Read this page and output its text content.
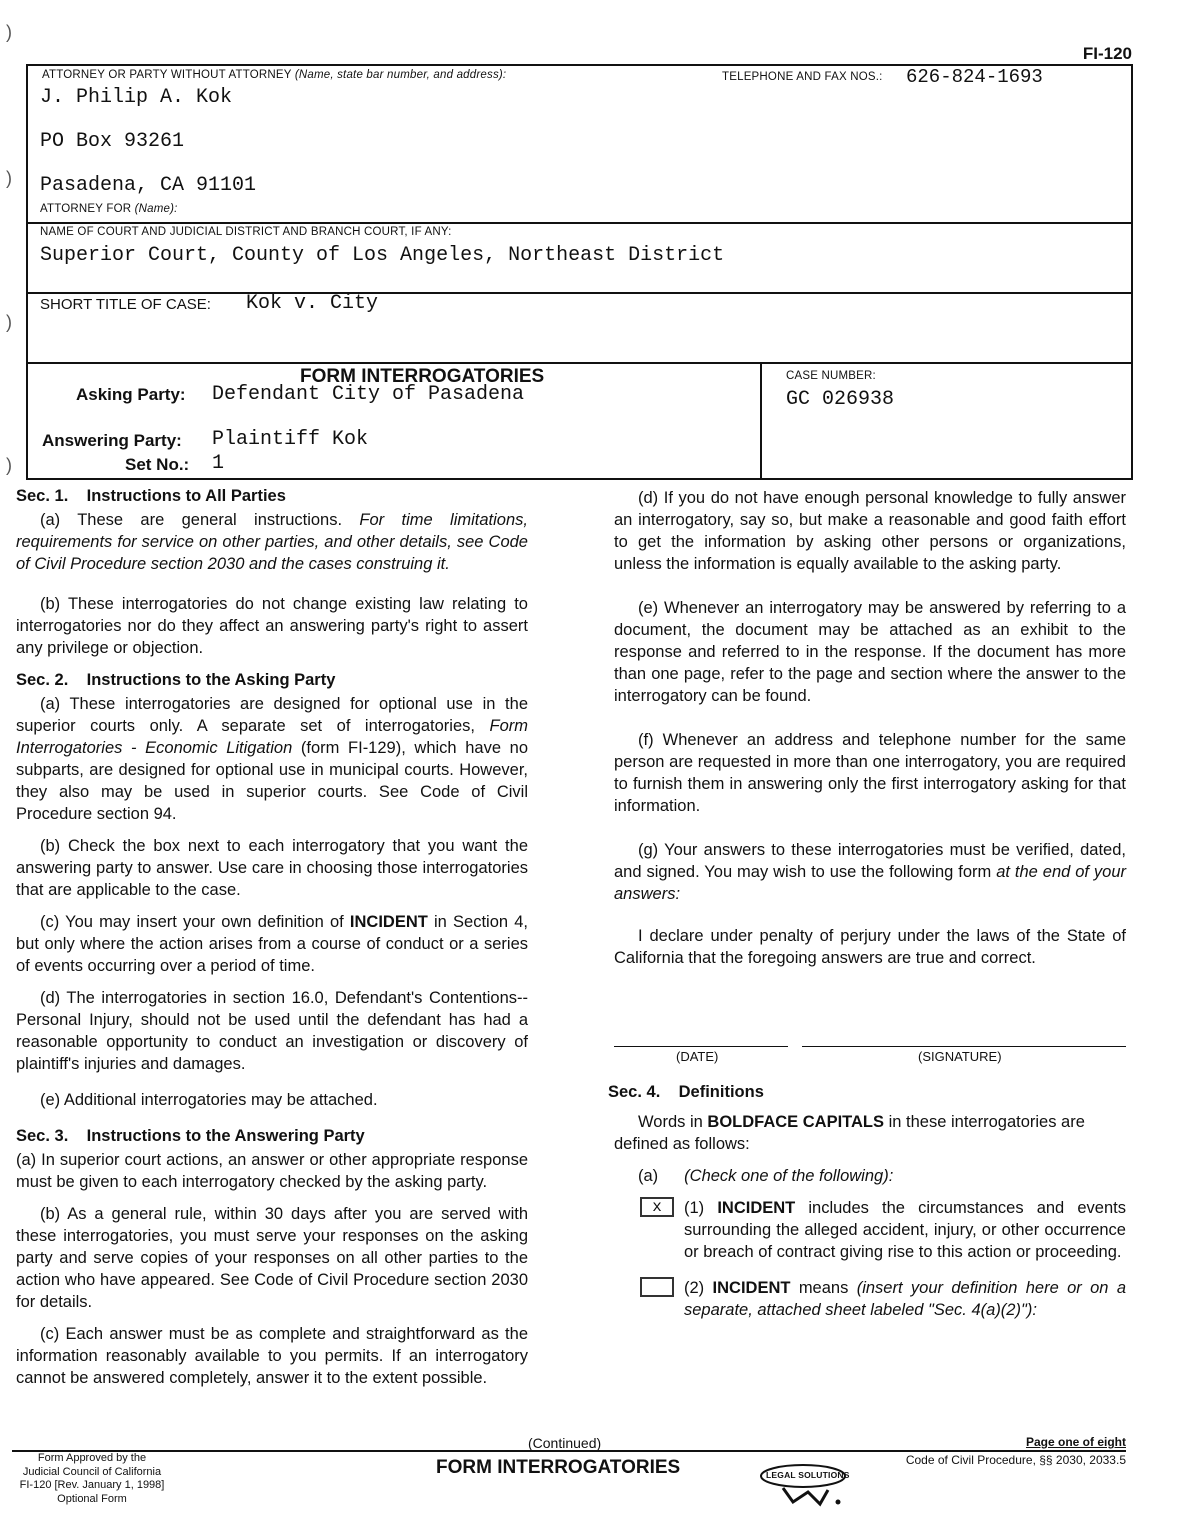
)
)
)
)
FI-120
ATTORNEY OR PARTY WITHOUT ATTORNEY (Name, state bar number, and address):	TELEPHONE AND FAX NOS.: 626-824-1693
J. Philip A. Kok
PO Box 93261
Pasadena, CA 91101
ATTORNEY FOR (Name):
NAME OF COURT AND JUDICIAL DISTRICT AND BRANCH COURT, IF ANY:
Superior Court, County of Los Angeles, Northeast District
SHORT TITLE OF CASE: Kok v. City
FORM INTERROGATORIES
Asking Party: Defendant City of Pasadena
Answering Party: Plaintiff Kok
Set No.: 1
CASE NUMBER:
GC 026938

Sec. 1.    Instructions to All Parties

(a) These are general instructions. For time limitations, requirements for service on other parties, and other details, see Code of Civil Procedure section 2030 and the cases construing it.

(b) These interrogatories do not change existing law relating to interrogatories nor do they affect an answering party's right to assert any privilege or objection.

Sec. 2.    Instructions to the Asking Party

(a) These interrogatories are designed for optional use in the superior courts only. A separate set of interrogatories, Form Interrogatories - Economic Litigation (form FI-129), which have no subparts, are designed for optional use in municipal courts. However, they also may be used in superior courts. See Code of Civil Procedure section 94.

(b) Check the box next to each interrogatory that you want the answering party to answer. Use care in choosing those interrogatories that are applicable to the case.

(c) You may insert your own definition of INCIDENT in Section 4, but only where the action arises from a course of conduct or a series of events occurring over a period of time.

(d) The interrogatories in section 16.0, Defendant's Contentions--Personal Injury, should not be used until the defendant has had a reasonable opportunity to conduct an investigation or discovery of plaintiff's injuries and damages.

(e) Additional interrogatories may be attached.

Sec. 3.    Instructions to the Answering Party

(a) In superior court actions, an answer or other appropriate response must be given to each interrogatory checked by the asking party.

(b) As a general rule, within 30 days after you are served with these interrogatories, you must serve your responses on the asking party and serve copies of your responses on all other parties to the action who have appeared. See Code of Civil Procedure section 2030 for details.

(c) Each answer must be as complete and straightforward as the information reasonably available to you permits. If an interrogatory cannot be answered completely, answer it to the extent possible.

(d) If you do not have enough personal knowledge to fully answer an interrogatory, say so, but make a reasonable and good faith effort to get the information by asking other persons or organizations, unless the information is equally available to the asking party.

(e) Whenever an interrogatory may be answered by referring to a document, the document may be attached as an exhibit to the response and referred to in the response. If the document has more than one page, refer to the page and section where the answer to the interrogatory can be found.

(f) Whenever an address and telephone number for the same person are requested in more than one interrogatory, you are required to furnish them in answering only the first interrogatory asking for that information.

(g) Your answers to these interrogatories must be verified, dated, and signed. You may wish to use the following form at the end of your answers:

I declare under penalty of perjury under the laws of the State of California that the foregoing answers are true and correct.

(DATE)	(SIGNATURE)

Sec. 4.    Definitions

Words in BOLDFACE CAPITALS in these interrogatories are defined as follows:

(a) (Check one of the following):
x	(1) INCIDENT includes the circumstances and events surrounding the alleged accident, injury, or other occurrence or breach of contract giving rise to this action or proceeding.
(2) INCIDENT means (insert your definition here or on a separate, attached sheet labeled "Sec. 4(a)(2)"):
(Continued)
Form Approved by the
Judicial Council of California
FI-120 [Rev. January 1, 1998]
Optional Form
FORM INTERROGATORIES	LEGAL SOLUTIONS
Page one of eight
Code of Civil Procedure, §§ 2030, 2033.5
